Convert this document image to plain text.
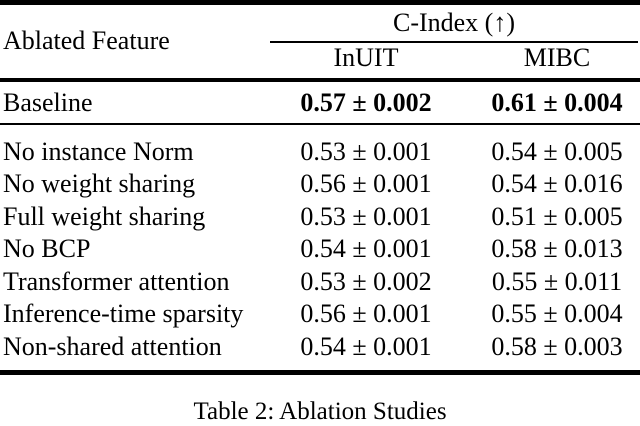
Ablated Feature
C-Index (↑)
InUIT	MIBC
Baseline	0.57 ± 0.002	0.61 ± 0.004
No instance Norm	0.53 ± 0.001	0.54 ± 0.005
No weight sharing	0.56 ± 0.001	0.54 ± 0.016
Full weight sharing	0.53 ± 0.001	0.51 ± 0.005
No BCP	0.54 ± 0.001	0.58 ± 0.013
Transformer attention	0.53 ± 0.002	0.55 ± 0.011
Inference-time sparsity	0.56 ± 0.001	0.55 ± 0.004
Non-shared attention	0.54 ± 0.001	0.58 ± 0.003
Table 2: Ablation Studies
